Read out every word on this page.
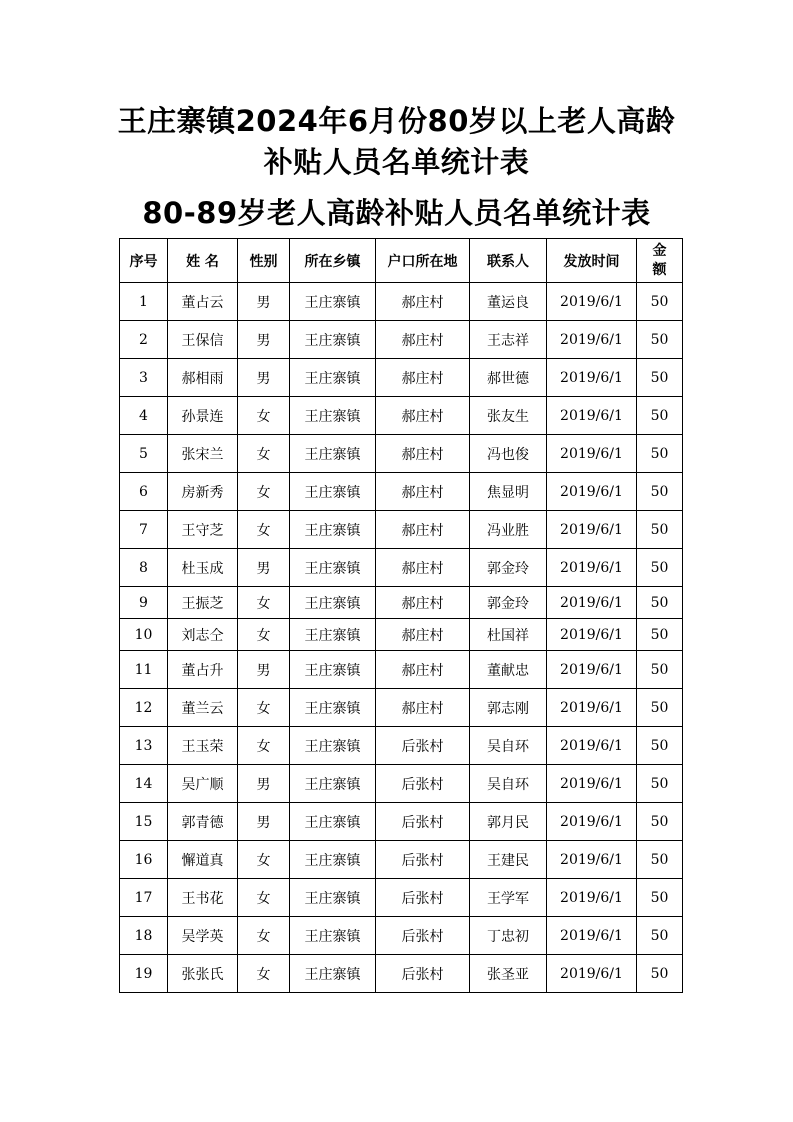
王庄寨镇2024年6月份80岁以上老人高龄
补贴人员名单统计表
80-89岁老人高龄补贴人员名单统计表
序号	姓 名	性别	所在乡镇	户口所在地	联系人	发放时间	金
额
1	董占云	男	王庄寨镇	郝庄村	董运良	2019/6/1	50
2	王保信	男	王庄寨镇	郝庄村	王志祥	2019/6/1	50
3	郝相雨	男	王庄寨镇	郝庄村	郝世德	2019/6/1	50
4	孙景连	女	王庄寨镇	郝庄村	张友生	2019/6/1	50
5	张宋兰	女	王庄寨镇	郝庄村	冯也俊	2019/6/1	50
6	房新秀	女	王庄寨镇	郝庄村	焦显明	2019/6/1	50
7	王守芝	女	王庄寨镇	郝庄村	冯业胜	2019/6/1	50
8	杜玉成	男	王庄寨镇	郝庄村	郭金玲	2019/6/1	50
9	王振芝	女	王庄寨镇	郝庄村	郭金玲	2019/6/1	50
10	刘志仝	女	王庄寨镇	郝庄村	杜国祥	2019/6/1	50
11	董占升	男	王庄寨镇	郝庄村	董献忠	2019/6/1	50
12	董兰云	女	王庄寨镇	郝庄村	郭志刚	2019/6/1	50
13	王玉荣	女	王庄寨镇	后张村	吴自环	2019/6/1	50
14	吴广顺	男	王庄寨镇	后张村	吴自环	2019/6/1	50
15	郭青德	男	王庄寨镇	后张村	郭月民	2019/6/1	50
16	懈道真	女	王庄寨镇	后张村	王建民	2019/6/1	50
17	王书花	女	王庄寨镇	后张村	王学军	2019/6/1	50
18	吴学英	女	王庄寨镇	后张村	丁忠初	2019/6/1	50
19	张张氏	女	王庄寨镇	后张村	张圣亚	2019/6/1	50
